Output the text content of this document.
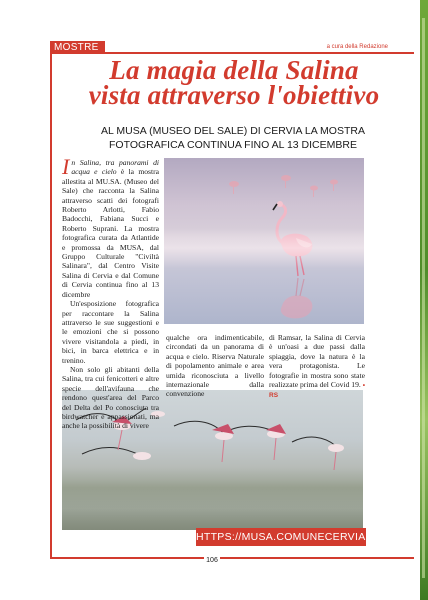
MOSTRE	a cura della Redazione
La magia della Salina
vista attraverso l'obiettivo
AL MUSA (MUSEO DEL SALE) DI CERVIA LA MOSTRA
FOTOGRAFICA CONTINUA FINO AL 13 DICEMBRE

In Salina, tra panorami di acqua e cielo è la mostra allestita al MU.SA. (Museo del Sale) che racconta la Salina attraverso scatti dei fotografi Roberto Arlotti, Fabio Badocchi, Fabiana Succi e Roberto Suprani. La mostra fotografica curata da Atlantide e promossa da MUSA, dal Gruppo Culturale "Civiltà Salinara", dal Centro Visite Salina di Cervia e dal Comune di Cervia continua fino al 13 dicembre

Un'esposizione fotografica per raccontare la Salina attraverso le sue suggestioni e le emozioni che si possono vivere visitandola a piedi, in bici, in barca elettrica e in trenino.

Non solo gli abitanti della Salina, tra cui fenicotteri e altre specie dell'avifauna che rendono quest'area del Parco del Delta del Po conosciuta tra birdwatcher e appassionati, ma anche la possibilità di vivere

qualche ora indimenticabile, circondati da un panorama di acqua e cielo. Riserva Naturale di popolamento animale e area umida riconosciuta a livello internazionale dalla convenzione

di Ramsar, la Salina di Cervia è un'oasi a due passi dalla spiaggia, dove la natura è la vera protagonista. Le fotografie in mostra sono state realizzate prima del Covid 19. • RS

HTTPS://MUSA.COMUNECERVIA.IT/
106
